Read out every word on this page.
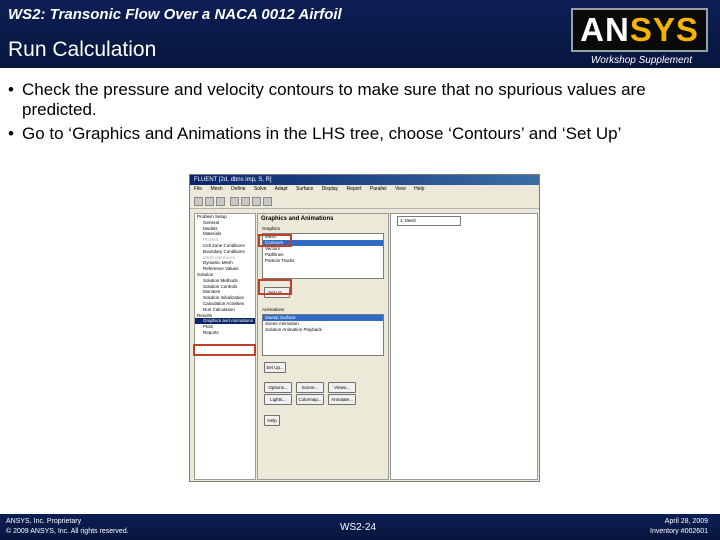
WS2: Transonic Flow Over a NACA 0012 Airfoil
Run Calculation
ANSYS
Workshop Supplement
• Check the pressure and velocity contours to make sure that no spurious values are predicted.
• Go to ‘Graphics and Animations in the LHS tree, choose ‘Contours’ and ‘Set Up’
FLUENT [2d, dbns imp, S, R]
File Mesh Define Solve Adapt Surface Display Report Parallel View Help
Problem Setup
General
Models
Materials
Phases
Cell Zone Conditions
Boundary Conditions
Mesh Interfaces
Dynamic Mesh
Reference Values
Solution
Solution Methods
Solution Controls
Monitors
Solution Initialization
Calculation Activities
Run Calculation
Results
Graphics and Animations
Plots
Reports
Graphics and Animations
Graphics
Mesh
Contours
Vectors
Pathlines
Particle Tracks
Set Up...
Animations
Sweep Surface
Scene Animation
Solution Animation Playback
Set Up...
Options...	Scene...	Views...
Lights...	Colormap...	Annotate...
Help
1: Mesh
ANSYS, Inc. Proprietary
© 2009 ANSYS, Inc. All rights reserved.	WS2-24
April 28, 2009
Inventory #002601
